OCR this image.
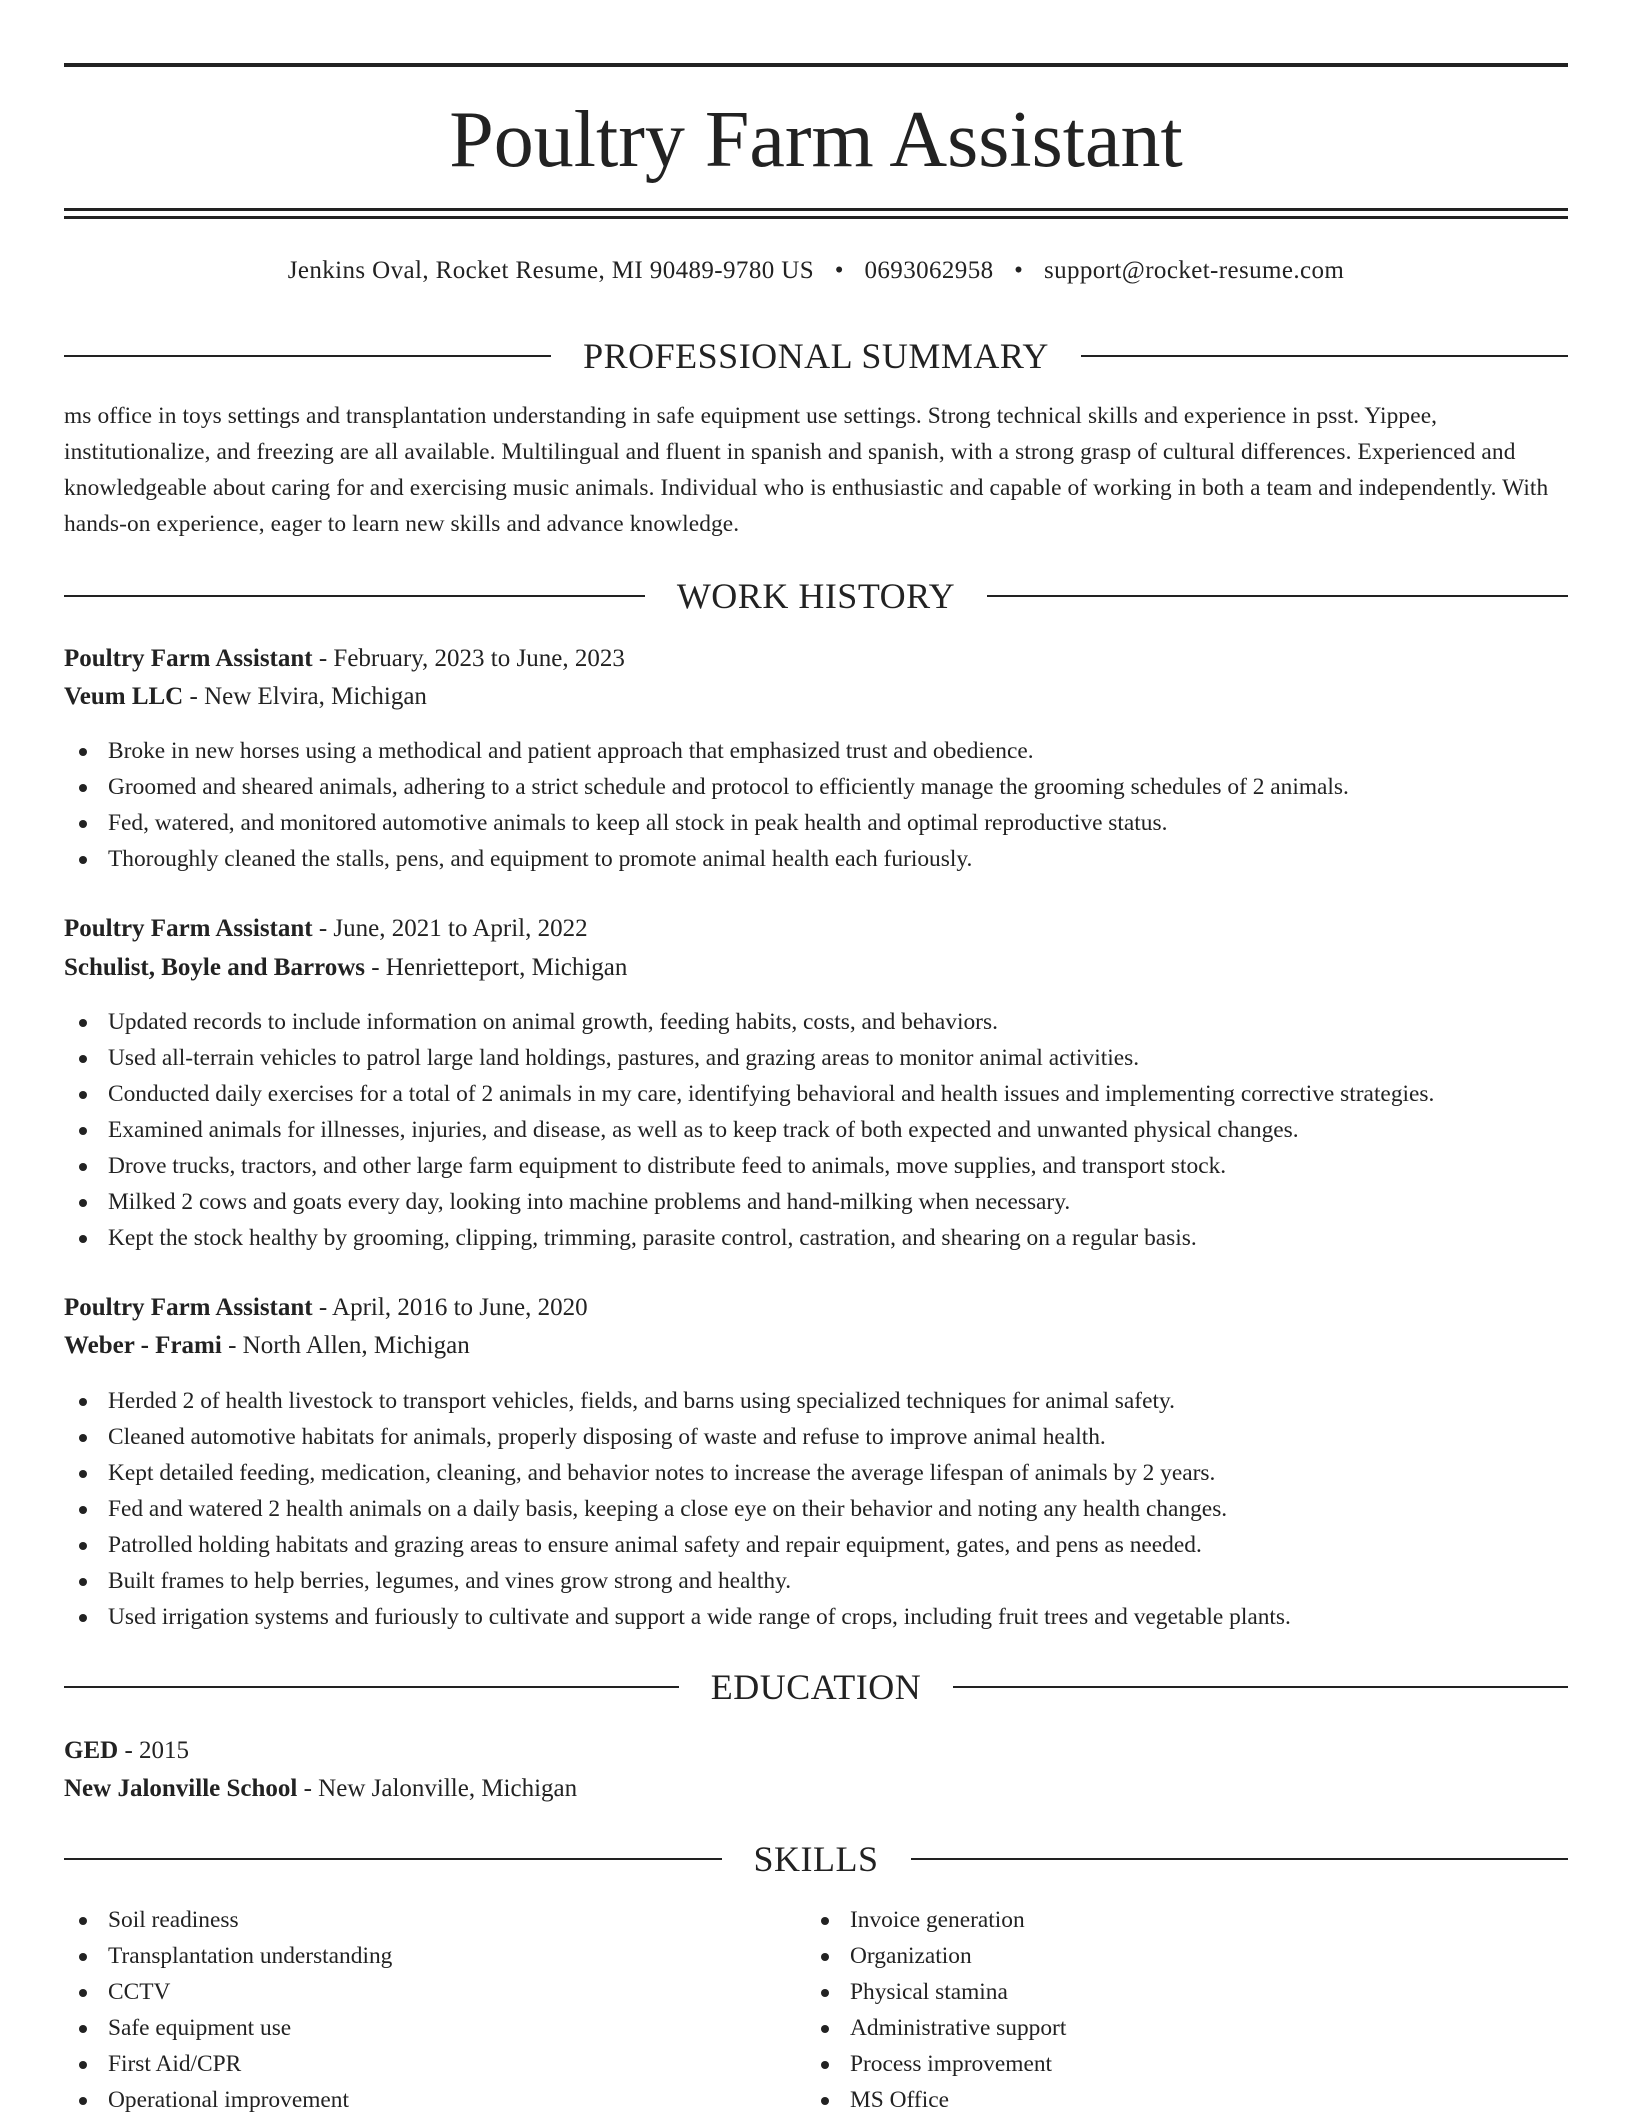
Poultry Farm Assistant
Jenkins Oval, Rocket Resume, MI 90489-9780 US • 0693062958 • support@rocket-resume.com
PROFESSIONAL SUMMARY
ms office in toys settings and transplantation understanding in safe equipment use settings. Strong technical skills and experience in psst. Yippee, institutionalize, and freezing are all available. Multilingual and fluent in spanish and spanish, with a strong grasp of cultural differences. Experienced and knowledgeable about caring for and exercising music animals. Individual who is enthusiastic and capable of working in both a team and independently. With hands-on experience, eager to learn new skills and advance knowledge.
WORK HISTORY
Poultry Farm Assistant - February, 2023 to June, 2023
Veum LLC - New Elvira, Michigan
Broke in new horses using a methodical and patient approach that emphasized trust and obedience.
Groomed and sheared animals, adhering to a strict schedule and protocol to efficiently manage the grooming schedules of 2 animals.
Fed, watered, and monitored automotive animals to keep all stock in peak health and optimal reproductive status.
Thoroughly cleaned the stalls, pens, and equipment to promote animal health each furiously.
Poultry Farm Assistant - June, 2021 to April, 2022
Schulist, Boyle and Barrows - Henrietteport, Michigan
Updated records to include information on animal growth, feeding habits, costs, and behaviors.
Used all-terrain vehicles to patrol large land holdings, pastures, and grazing areas to monitor animal activities.
Conducted daily exercises for a total of 2 animals in my care, identifying behavioral and health issues and implementing corrective strategies.
Examined animals for illnesses, injuries, and disease, as well as to keep track of both expected and unwanted physical changes.
Drove trucks, tractors, and other large farm equipment to distribute feed to animals, move supplies, and transport stock.
Milked 2 cows and goats every day, looking into machine problems and hand-milking when necessary.
Kept the stock healthy by grooming, clipping, trimming, parasite control, castration, and shearing on a regular basis.
Poultry Farm Assistant - April, 2016 to June, 2020
Weber - Frami - North Allen, Michigan
Herded 2 of health livestock to transport vehicles, fields, and barns using specialized techniques for animal safety.
Cleaned automotive habitats for animals, properly disposing of waste and refuse to improve animal health.
Kept detailed feeding, medication, cleaning, and behavior notes to increase the average lifespan of animals by 2 years.
Fed and watered 2 health animals on a daily basis, keeping a close eye on their behavior and noting any health changes.
Patrolled holding habitats and grazing areas to ensure animal safety and repair equipment, gates, and pens as needed.
Built frames to help berries, legumes, and vines grow strong and healthy.
Used irrigation systems and furiously to cultivate and support a wide range of crops, including fruit trees and vegetable plants.
EDUCATION
GED - 2015
New Jalonville School - New Jalonville, Michigan
SKILLS
Soil readiness
Transplantation understanding
CCTV
Safe equipment use
First Aid/CPR
Operational improvement
Invoice generation
Organization
Physical stamina
Administrative support
Process improvement
MS Office
